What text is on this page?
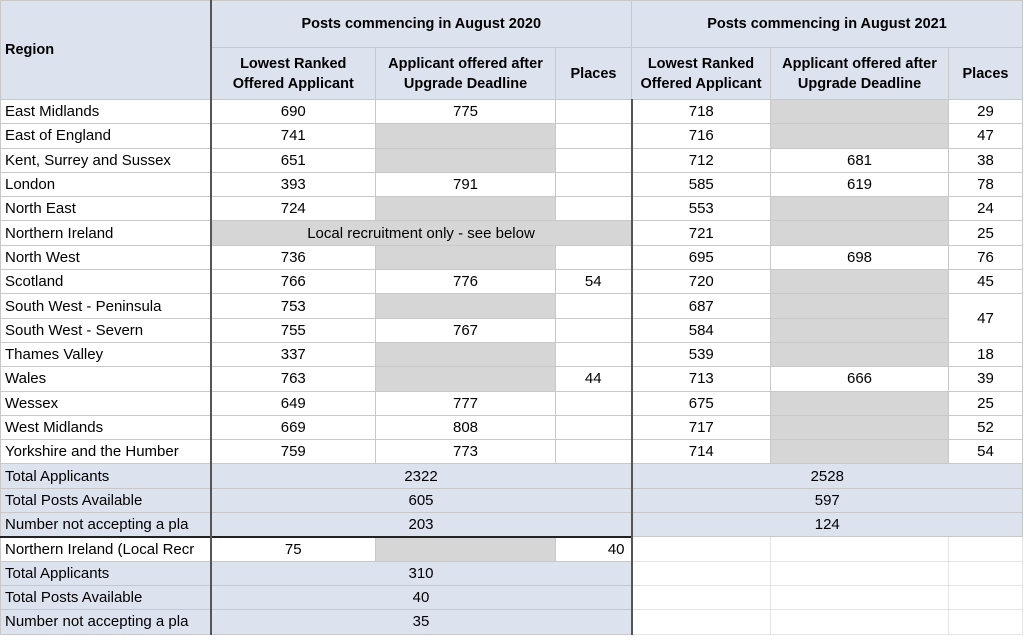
Region	Posts commencing in August 2020			Posts commencing in August 2021		
	Lowest Ranked Offered Applicant	Applicant offered after Upgrade Deadline	Places	Lowest Ranked Offered Applicant	Applicant offered after Upgrade Deadline	Places
East Midlands	690	775		718		29
East of England	741			716		47
Kent, Surrey and Sussex	651			712	681	38
London	393	791		585	619	78
North East	724			553		24
Northern Ireland	Local recruitment only - see below			721		25
North West	736			695	698	76
Scotland	766	776	54	720		45
South West - Peninsula	753			687		47
South West - Severn	755	767		584		
Thames Valley	337			539		18
Wales	763		44	713	666	39
Wessex	649	777		675		25
West Midlands	669	808		717		52
Yorkshire and the Humber	759	773		714		54
Total Applicants	2322			2528		
Total Posts Available	605			597		
Number not accepting a pla	203			124		
Northern Ireland (Local Recr	75		40			
Total Applicants	310					
Total Posts Available	40					
Number not accepting a pla	35					
